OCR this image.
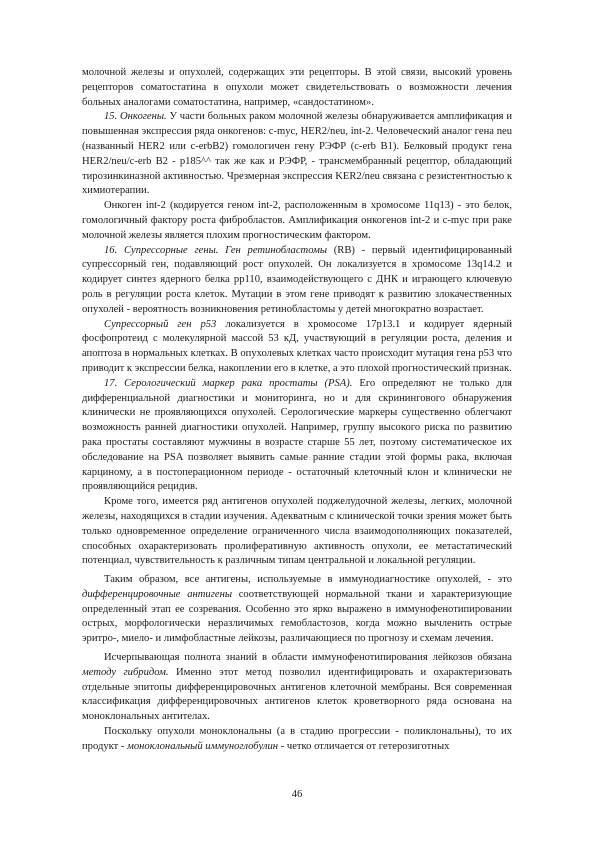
молочной железы и опухолей, содержащих эти рецепторы. В этой связи, высокий уровень рецепторов соматостатина в опухоли может свидетельствовать о возможности лечения больных аналогами соматостатина, например, «сандостатином».

15. Онкогены. У части больных раком молочной железы обнаруживается амплификация и повышенная экспрессия ряда онкогенов: c-myc, HER2/neu, int-2. Человеческий аналог гена neu (названный HER2 или c-erbB2) гомологичен гену РЭФР (c-erb B1). Белковый продукт гена HER2/neu/c-erb B2 - p185^^ так же как и РЭФР, - трансмембранный рецептор, обладающий тирозинкиназной активностью. Чрезмерная экспрессия KER2/neu связана с резистентностью к химиотерапии.

Онкоген int-2 (кодируется геном int-2, расположенным в хромосоме 11q13) - это белок, гомологичный фактору роста фибробластов. Амплификация онкогенов int-2 и c-myc при раке молочной железы является плохим прогностическим фактором.

16. Супрессорные гены. Ген ретинобластомы (RB) - первый идентифицированный супрессорный ген, подавляющий рост опухолей. Он локализуется в хромосоме 13q14.2 и кодирует синтез ядерного белка pp110, взаимодействующего с ДНК и играющего ключевую роль в регуляции роста клеток. Мутации в этом гене приводят к развитию злокачественных опухолей - вероятность возникновения ретинобластомы у детей многократно возрастает.

Супрессорный ген p53 локализуется в хромосоме 17p13.1 и кодирует ядерный фосфопротеид с молекулярной массой 53 кД, участвующий в регуляции роста, деления и апоптоза в нормальных клетках. В опухолевых клетках часто происходит мутация гена p53 что приводит к экспрессии белка, накоплении его в клетке, а это плохой прогностический признак.

17. Серологический маркер рака простаты (PSA). Его определяют не только для дифференциальной диагностики и мониторинга, но и для скринингового обнаружения клинически не проявляющихся опухолей. Серологические маркеры существенно облегчают возможность ранней диагностики опухолей. Например, группу высокого риска по развитию рака простаты составляют мужчины в возрасте старше 55 лет, поэтому систематическое их обследование на PSA позволяет выявить самые ранние стадии этой формы рака, включая карциному, а в постоперационном периоде - остаточный клеточный клон и клинически не проявляющийся рецидив.

Кроме того, имеется ряд антигенов опухолей поджелудочной железы, легких, молочной железы, находящихся в стадии изучения. Адекватным с клинической точки зрения может быть только одновременное определение ограниченного числа взаимодополняющих показателей, способных охарактеризовать пролиферативную активность опухоли, ее метастатический потенциал, чувствительность к различным типам центральной и локальной регуляции.

Таким образом, все антигены, используемые в иммунодиагностике опухолей, - это дифференцировочные антигены соответствующей нормальной ткани и характеризующие определенный этап ее созревания. Особенно это ярко выражено в иммунофенотипировании острых, морфологически неразличимых гемобластозов, когда можно вычленить острые эритро-, миело- и лимфобластные лейкозы, различающиеся по прогнозу и схемам лечения.

Исчерпывающая полнота знаний в области иммунофенотипирования лейкозов обязана методу гибридом. Именно этот метод позволил идентифицировать и охарактеризовать отдельные эпитопы дифференцировочных антигенов клеточной мембраны. Вся современная классификация дифференцировочных антигенов клеток кроветворного ряда основана на моноклональных антителах.

Поскольку опухоли моноклональны (а в стадию прогрессии - поликлональны), то их продукт - моноклональный иммуноглобулин - четко отличается от гетерозиготных

46
